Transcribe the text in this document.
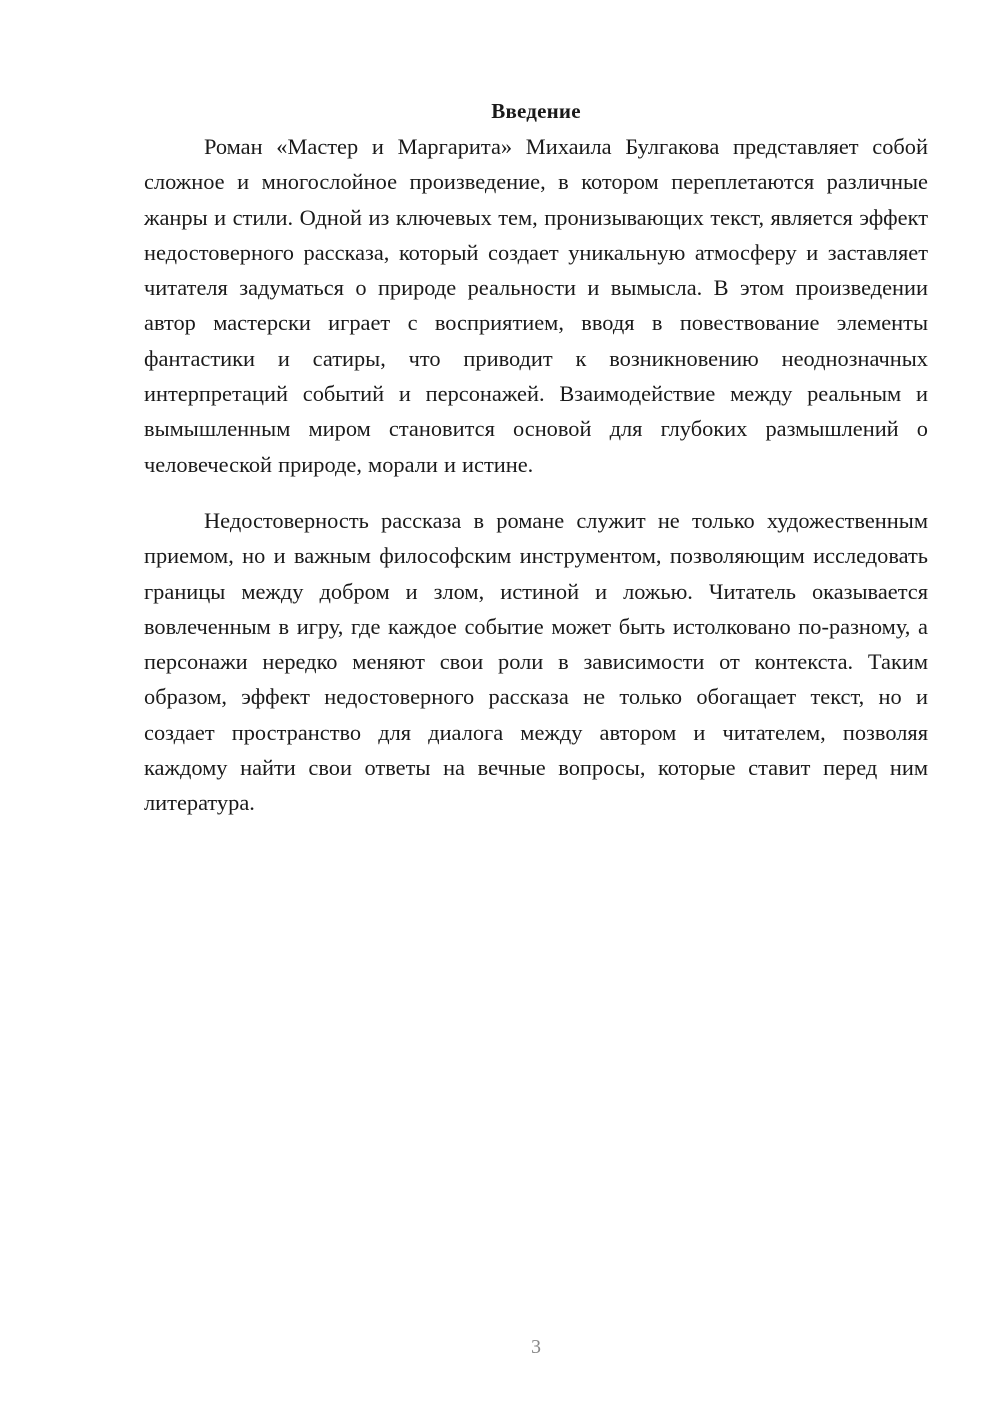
Введение

Роман «Мастер и Маргарита» Михаила Булгакова представляет собой сложное и многослойное произведение, в котором переплетаются различные жанры и стили. Одной из ключевых тем, пронизывающих текст, является эффект недостоверного рассказа, который создает уникальную атмосферу и заставляет читателя задуматься о природе реальности и вымысла. В этом произведении автор мастерски играет с восприятием, вводя в повествование элементы фантастики и сатиры, что приводит к возникновению неоднозначных интерпретаций событий и персонажей. Взаимодействие между реальным и вымышленным миром становится основой для глубоких размышлений о человеческой природе, морали и истине.

Недостоверность рассказа в романе служит не только художественным приемом, но и важным философским инструментом, позволяющим исследовать границы между добром и злом, истиной и ложью. Читатель оказывается вовлеченным в игру, где каждое событие может быть истолковано по-разному, а персонажи нередко меняют свои роли в зависимости от контекста. Таким образом, эффект недостоверного рассказа не только обогащает текст, но и создает пространство для диалога между автором и читателем, позволяя каждому найти свои ответы на вечные вопросы, которые ставит перед ним литература.

3
